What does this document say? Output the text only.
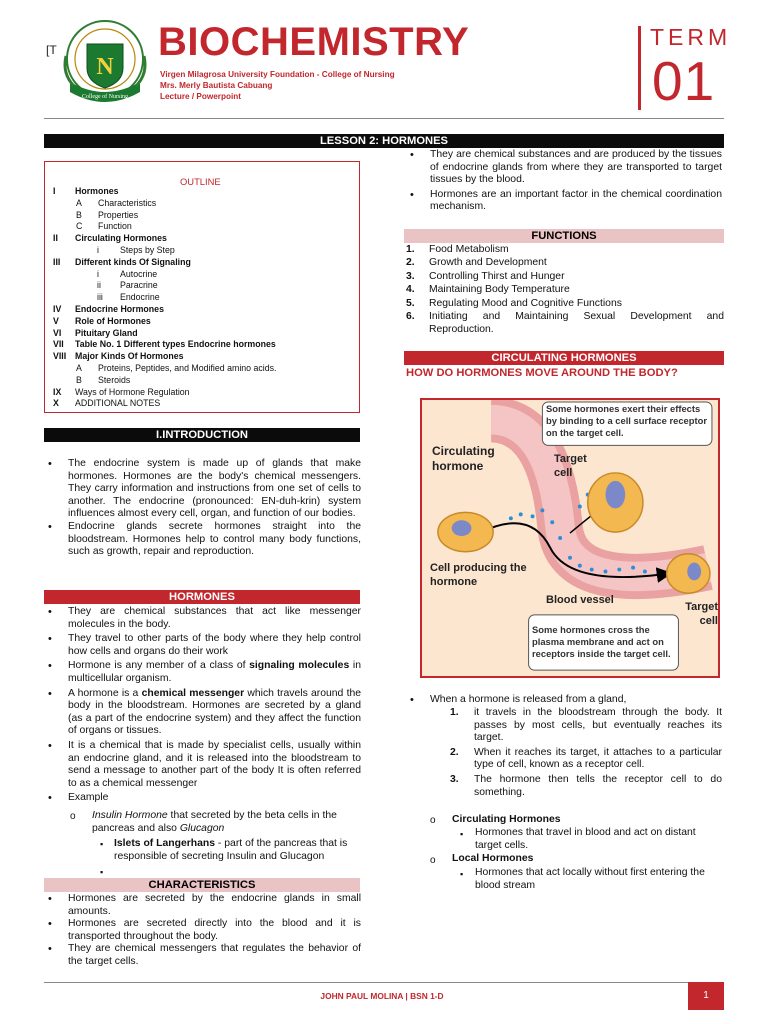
[T
N
College of Nursing
BIOCHEMISTRY
Virgen Milagrosa University Foundation - College of Nursing
Mrs. Merly Bautista Cabuang
Lecture / Powerpoint
TERM
01
LESSON 2: HORMONES
OUTLINE
I Hormones
A Characteristics
B Properties
C Function
II Circulating Hormones
i Steps by Step
III Different kinds Of Signaling
i Autocrine
ii Paracrine
iii Endocrine
IV Endocrine Hormones
V Role of Hormones
VI Pituitary Gland
VII Table No. 1 Different types Endocrine hormones
VIII Major Kinds Of Hormones
A Proteins, Peptides, and Modified amino acids.
B Steroids
IX Ways of Hormone Regulation
X ADDITIONAL NOTES
I.INTRODUCTION
• The endocrine system is made up of glands that make hormones. Hormones are the body's chemical messengers. They carry information and instructions from one set of cells to another. The endocrine (pronounced: EN-duh-krin) system influences almost every cell, organ, and function of our bodies.
• Endocrine glands secrete hormones straight into the bloodstream. Hormones help to control many body functions, such as growth, repair and reproduction.
HORMONES
• They are chemical substances that act like messenger molecules in the body.
• They travel to other parts of the body where they help control how cells and organs do their work
• Hormone is any member of a class of signaling molecules in multicellular organism.
• A hormone is a chemical messenger which travels around the body in the bloodstream. Hormones are secreted by a gland (as a part of the endocrine system) and they affect the function of organs or tissues.
• It is a chemical that is made by specialist cells, usually within an endocrine gland, and it is released into the bloodstream to send a message to another part of the body It is often referred to as a chemical messenger
• Example
o Insulin Hormone that secreted by the beta cells in the pancreas and also Glucagon
▪ Islets of Langerhans - part of the pancreas that is responsible of secreting Insulin and Glucagon
▪
CHARACTERISTICS
• Hormones are secreted by the endocrine glands in small amounts.
• Hormones are secreted directly into the blood and it is transported throughout the body.
• They are chemical messengers that regulates the behavior of the target cells.
• They are chemical substances and are produced by the tissues of endocrine glands from where they are transported to target tissues by the blood.
• Hormones are an important factor in the chemical coordination mechanism.
FUNCTIONS
1. Food Metabolism
2. Growth and Development
3. Controlling Thirst and Hunger
4. Maintaining Body Temperature
5. Regulating Mood and Cognitive Functions
6. Initiating and Maintaining Sexual Development and Reproduction.
CIRCULATING HORMONES
HOW DO HORMONES MOVE AROUND THE BODY?
Some hormones exert their effects by binding to a cell surface receptor on the target cell.
Circulating hormone	Target cell
Cell producing the hormone
Blood vessel
Target cell
Some hormones cross the plasma membrane and act on receptors inside the target cell.
• When a hormone is released from a gland,
1. it travels in the bloodstream through the body. It passes by most cells, but eventually reaches its target.
2. When it reaches its target, it attaches to a particular type of cell, known as a receptor cell.
3. The hormone then tells the receptor cell to do something.
o Circulating Hormones
▪ Hormones that travel in blood and act on distant target cells.
o Local Hormones
▪ Hormones that act locally without first entering the blood stream
JOHN PAUL MOLINA | BSN 1-D	1
